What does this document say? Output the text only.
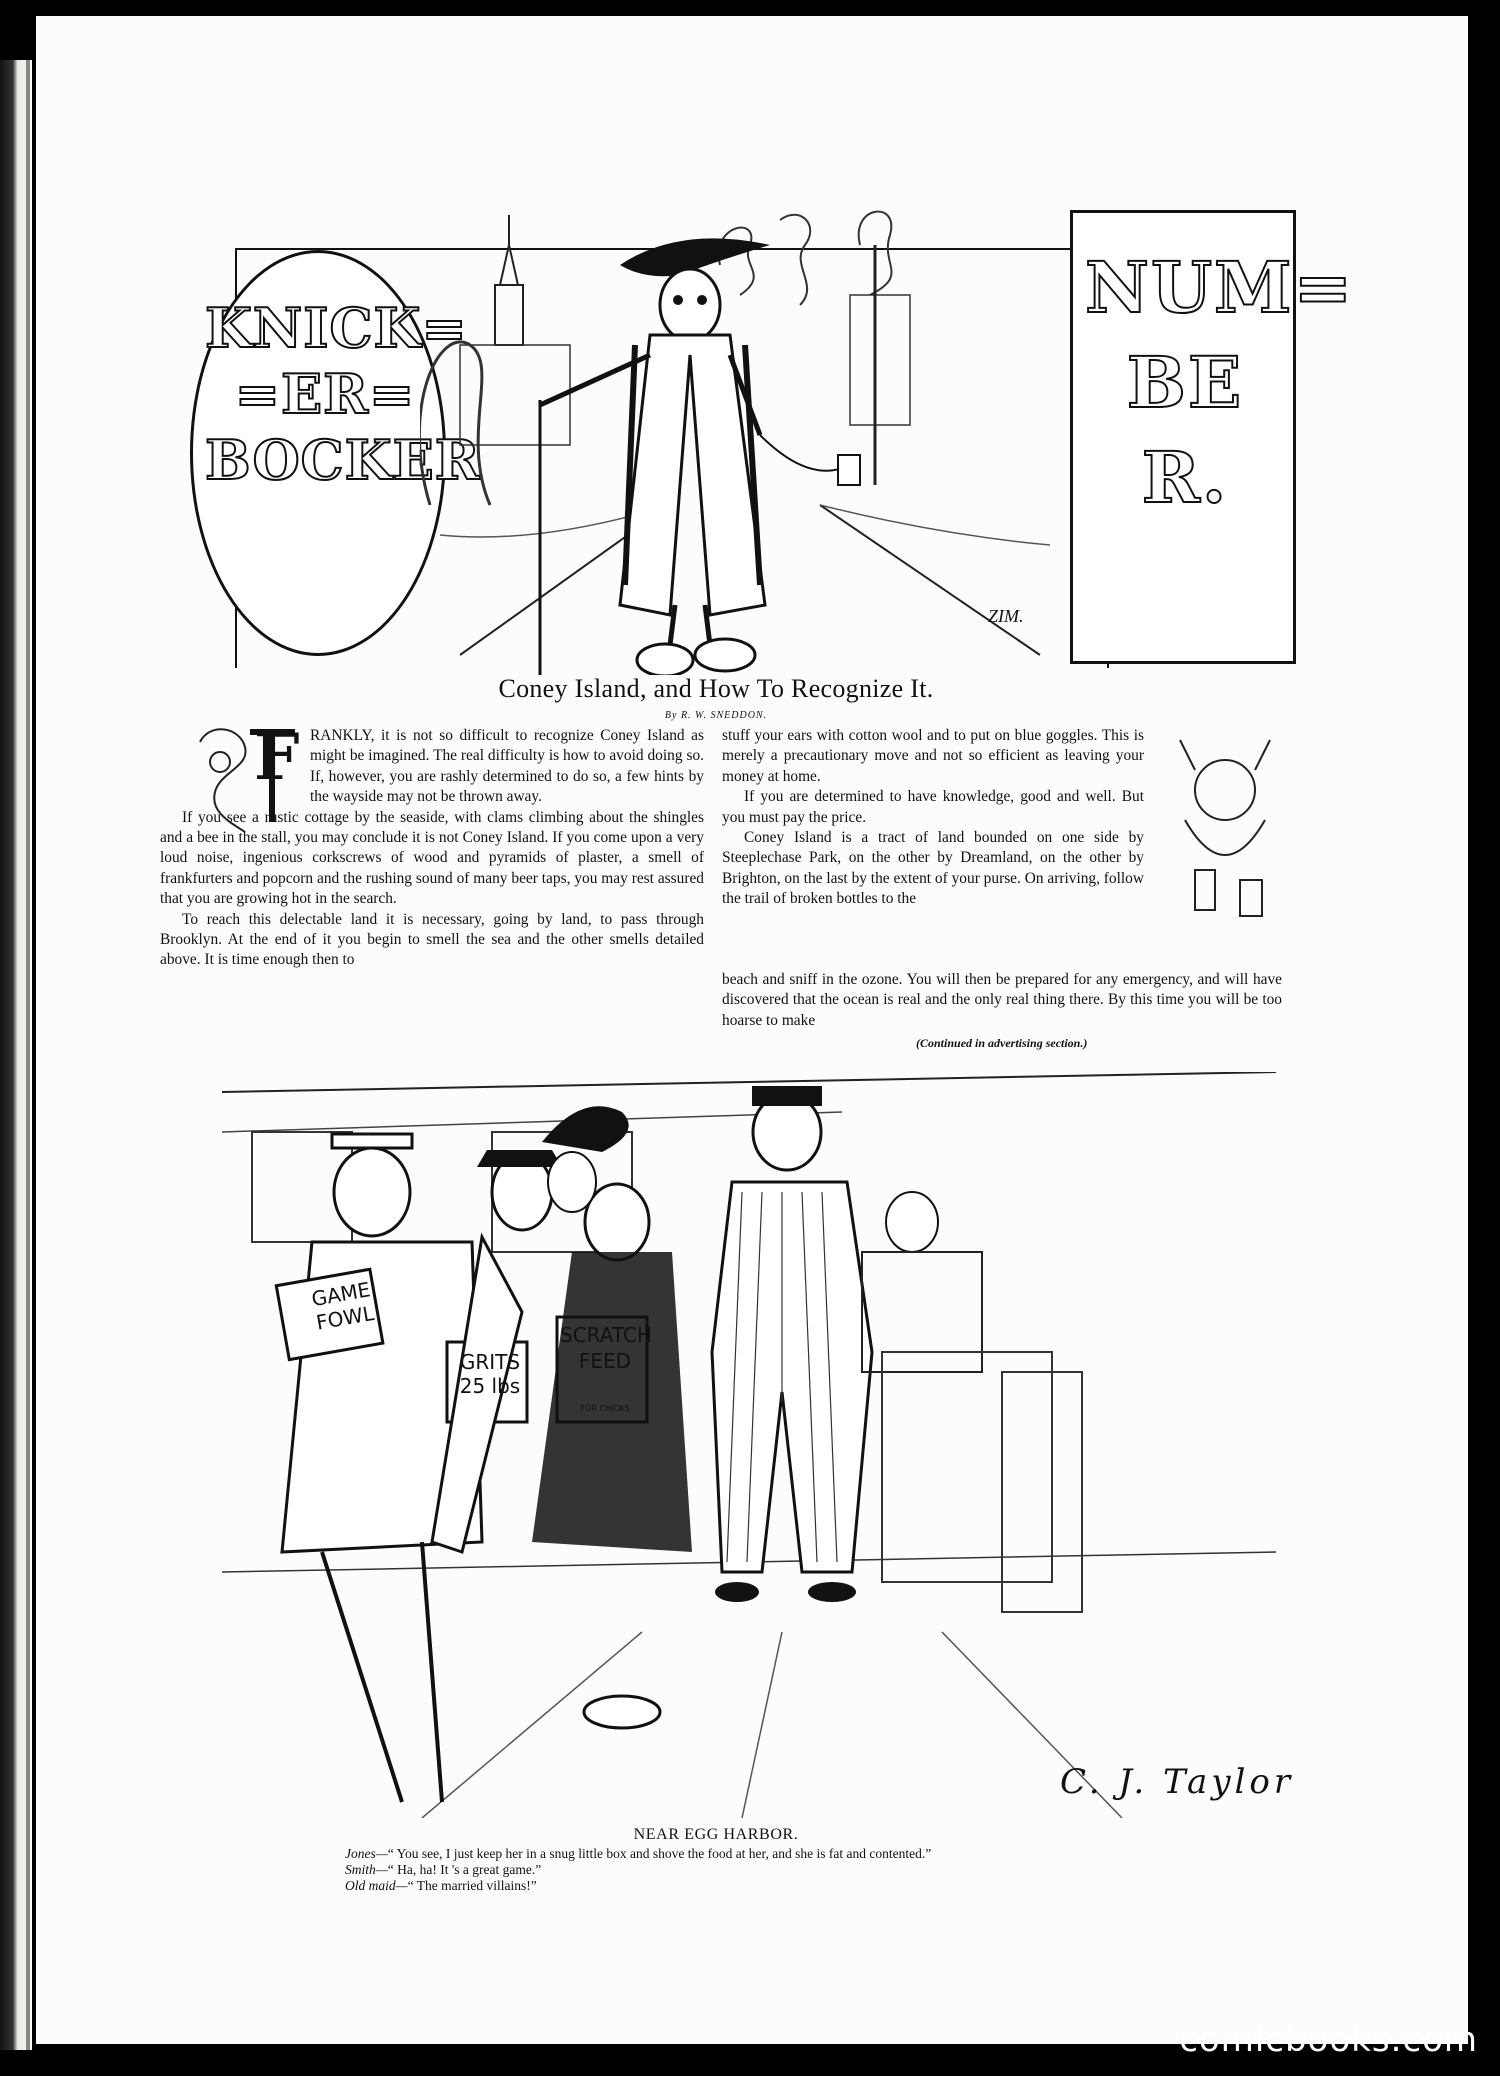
KNICK=
=ER=
BOCKER
NUM=
BE
R.
ZIM.
Coney Island, and How To Recognize It.
By R. W. SNEDDON.
F RANKLY, it is not so difficult to recognize Coney Island as might be imagined. The real difficulty is how to avoid doing so. If, however, you are rashly determined to do so, a few hints by the wayside may not be thrown away.

If you see a rustic cottage by the seaside, with clams climbing about the shingles and a bee in the stall, you may conclude it is not Coney Island. If you come upon a very loud noise, ingenious corkscrews of wood and pyramids of plaster, a smell of frankfurters and popcorn and the rushing sound of many beer taps, you may rest assured that you are growing hot in the search.

To reach this delectable land it is necessary, going by land, to pass through Brooklyn. At the end of it you begin to smell the sea and the other smells detailed above. It is time enough then to

stuff your ears with cotton wool and to put on blue goggles. This is merely a precautionary move and not so efficient as leaving your money at home.

If you are determined to have knowledge, good and well. But you must pay the price.

Coney Island is a tract of land bounded on one side by Steeplechase Park, on the other by Dreamland, on the other by Brighton, on the last by the extent of your purse. On arriving, follow the trail of broken bottles to the

beach and sniff in the ozone. You will then be prepared for any emergency, and will have discovered that the ocean is real and the only real thing there. By this time you will be too hoarse to make

(Continued in advertising section.)
GAME FOWL
GRITS 25 lbs
SCRATCH FEED
FOR CHICKS
C. J. Taylor
NEAR EGG HARBOR.
Jones—“ You see, I just keep her in a snug little box and shove the food at her, and she is fat and contented.”
Smith—“ Ha, ha! It 's a great game.”
Old maid—“ The married villains!”
comicbooks.com
